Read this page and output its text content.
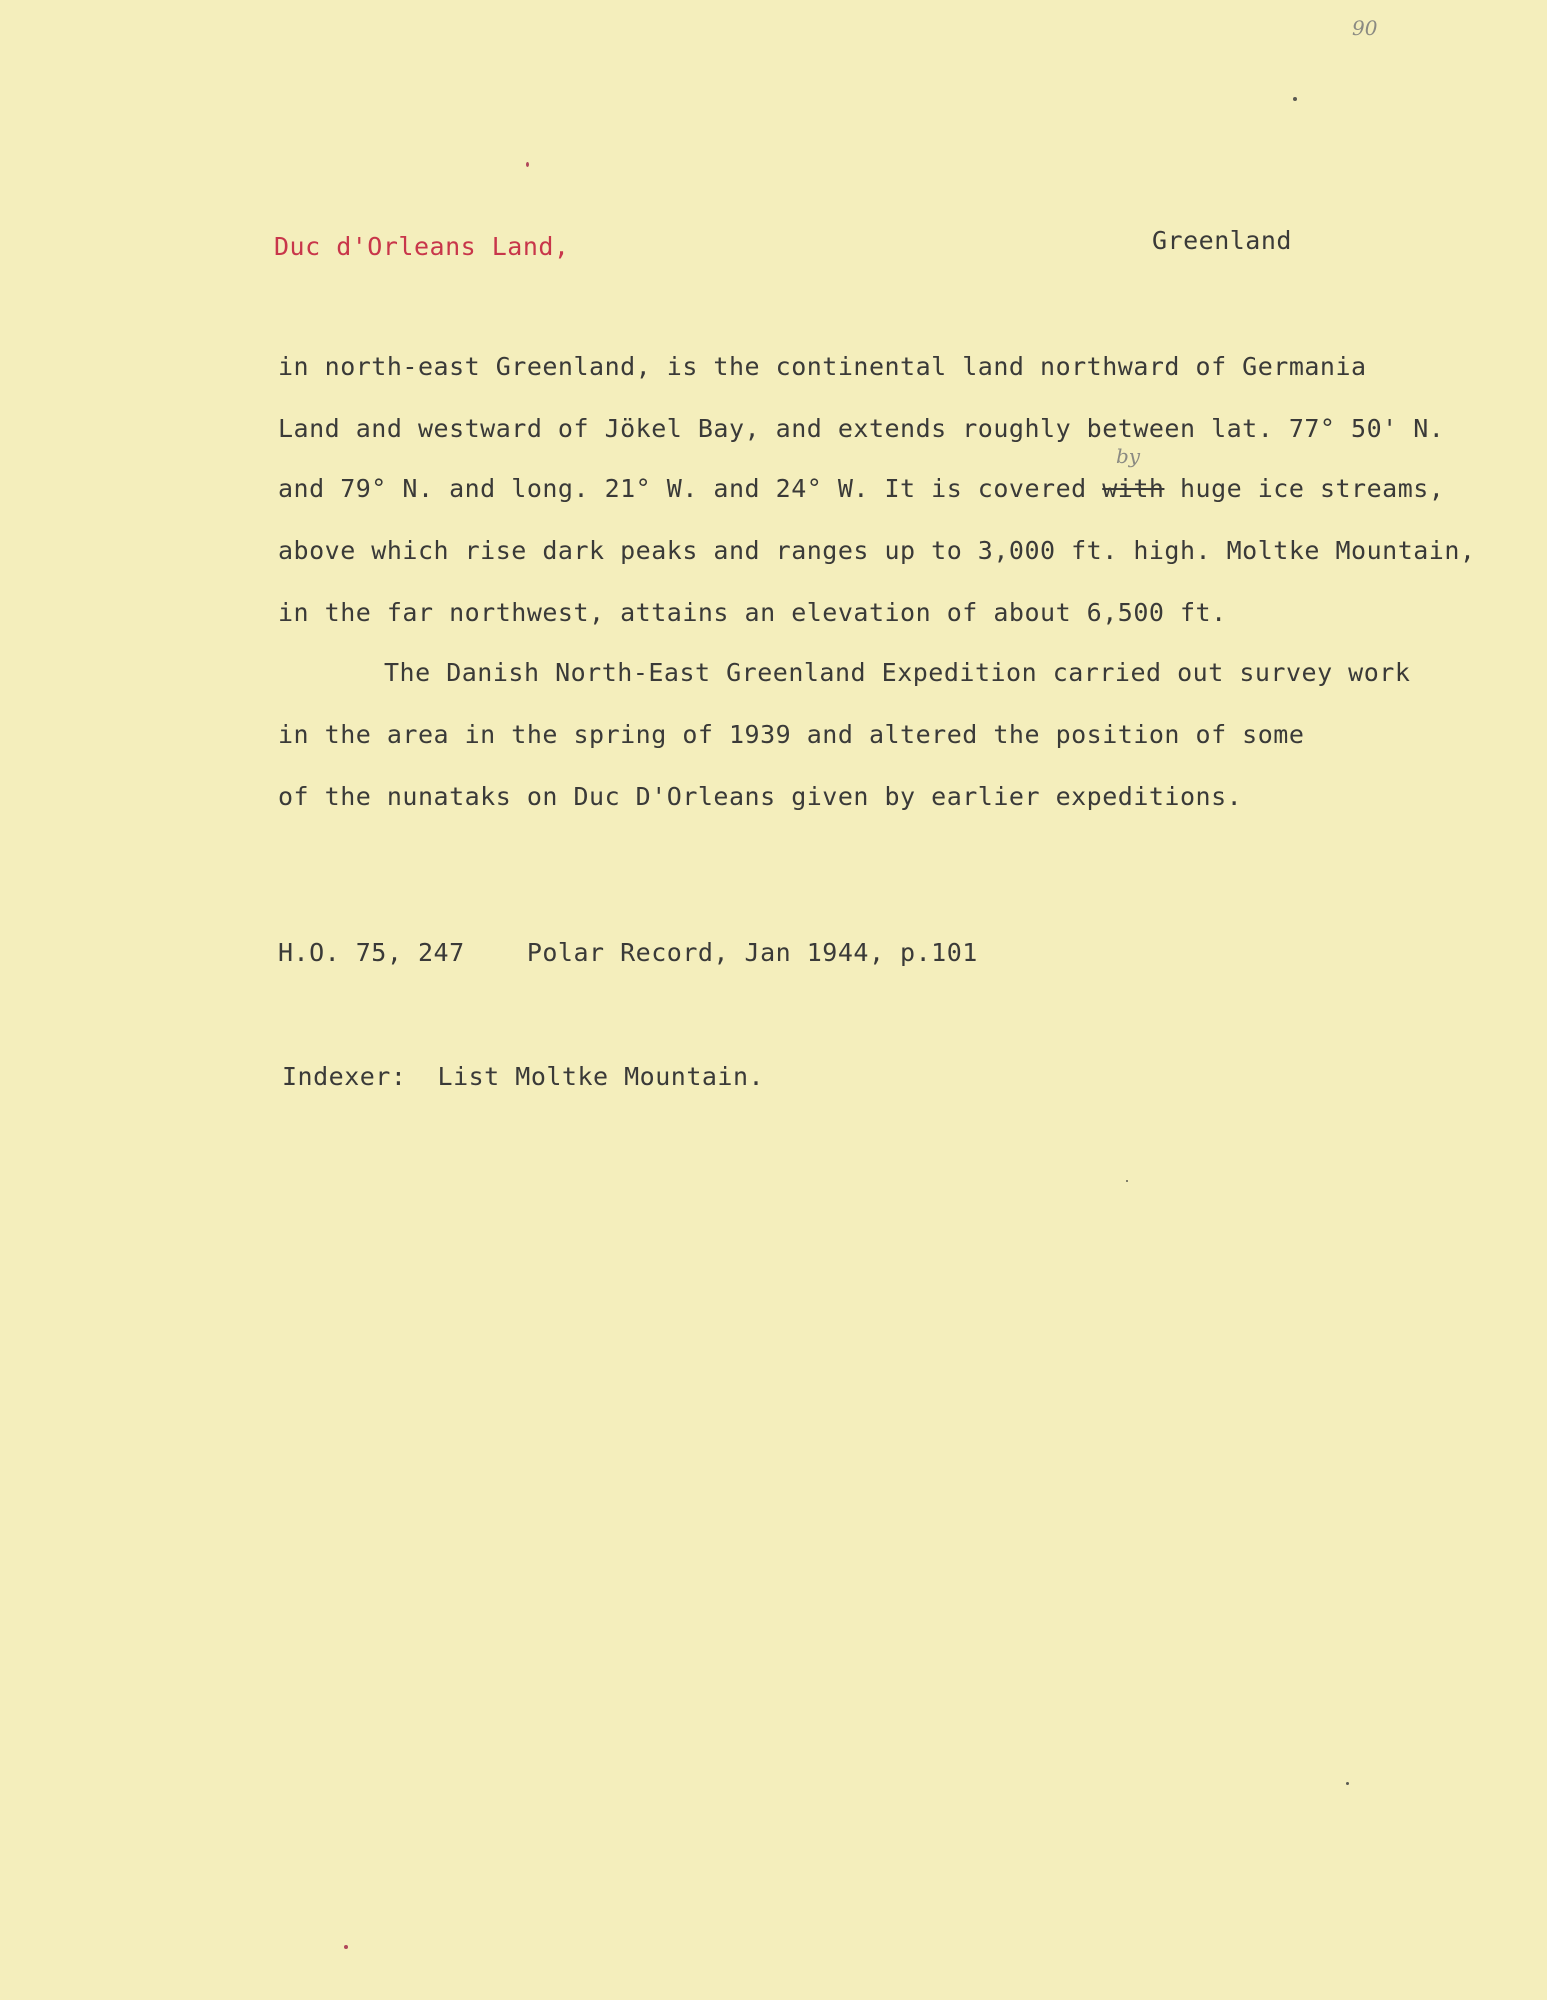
90
Duc d'Orleans Land,	Greenland
in north-east Greenland, is the continental land northward of Germania
Land and westward of Jökel Bay, and extends roughly between lat. 77° 50' N.
by
and 79° N. and long. 21° W. and 24° W. It is covered with huge ice streams,
above which rise dark peaks and ranges up to 3,000 ft. high. Moltke Mountain,
in the far northwest, attains an elevation of about 6,500 ft.
The Danish North-East Greenland Expedition carried out survey work
in the area in the spring of 1939 and altered the position of some
of the nunataks on Duc D'Orleans given by earlier expeditions.
H.O. 75, 247    Polar Record, Jan 1944, p.101
Indexer:  List Moltke Mountain.
